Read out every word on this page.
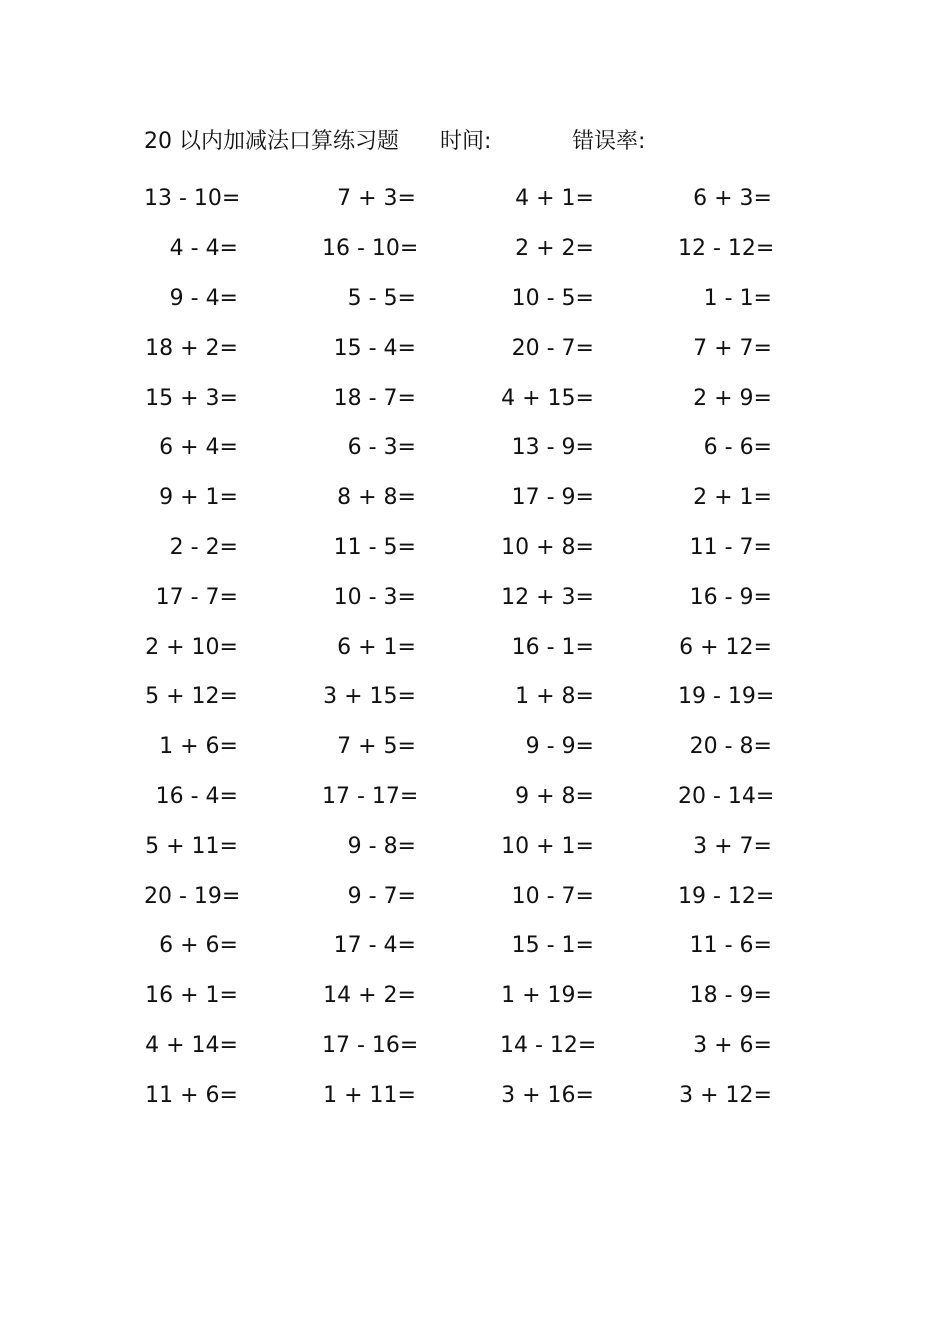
20 以内加减法口算练习题 时间:	错误率:
13 - 10=	7 + 3=	4 + 1=	6 + 3=
4 - 4=	16 - 10=	2 + 2=	12 - 12=
9 - 4=	5 - 5=	10 - 5=	1 - 1=
18 + 2=	15 - 4=	20 - 7=	7 + 7=
15 + 3=	18 - 7=	4 + 15=	2 + 9=
6 + 4=	6 - 3=	13 - 9=	6 - 6=
9 + 1=	8 + 8=	17 - 9=	2 + 1=
2 - 2=	11 - 5=	10 + 8=	11 - 7=
17 - 7=	10 - 3=	12 + 3=	16 - 9=
2 + 10=	6 + 1=	16 - 1=	6 + 12=
5 + 12=	3 + 15=	1 + 8=	19 - 19=
1 + 6=	7 + 5=	9 - 9=	20 - 8=
16 - 4=	17 - 17=	9 + 8=	20 - 14=
5 + 11=	9 - 8=	10 + 1=	3 + 7=
20 - 19=	9 - 7=	10 - 7=	19 - 12=
6 + 6=	17 - 4=	15 - 1=	11 - 6=
16 + 1=	14 + 2=	1 + 19=	18 - 9=
4 + 14=	17 - 16=	14 - 12=	3 + 6=
11 + 6=	1 + 11=	3 + 16=	3 + 12=
